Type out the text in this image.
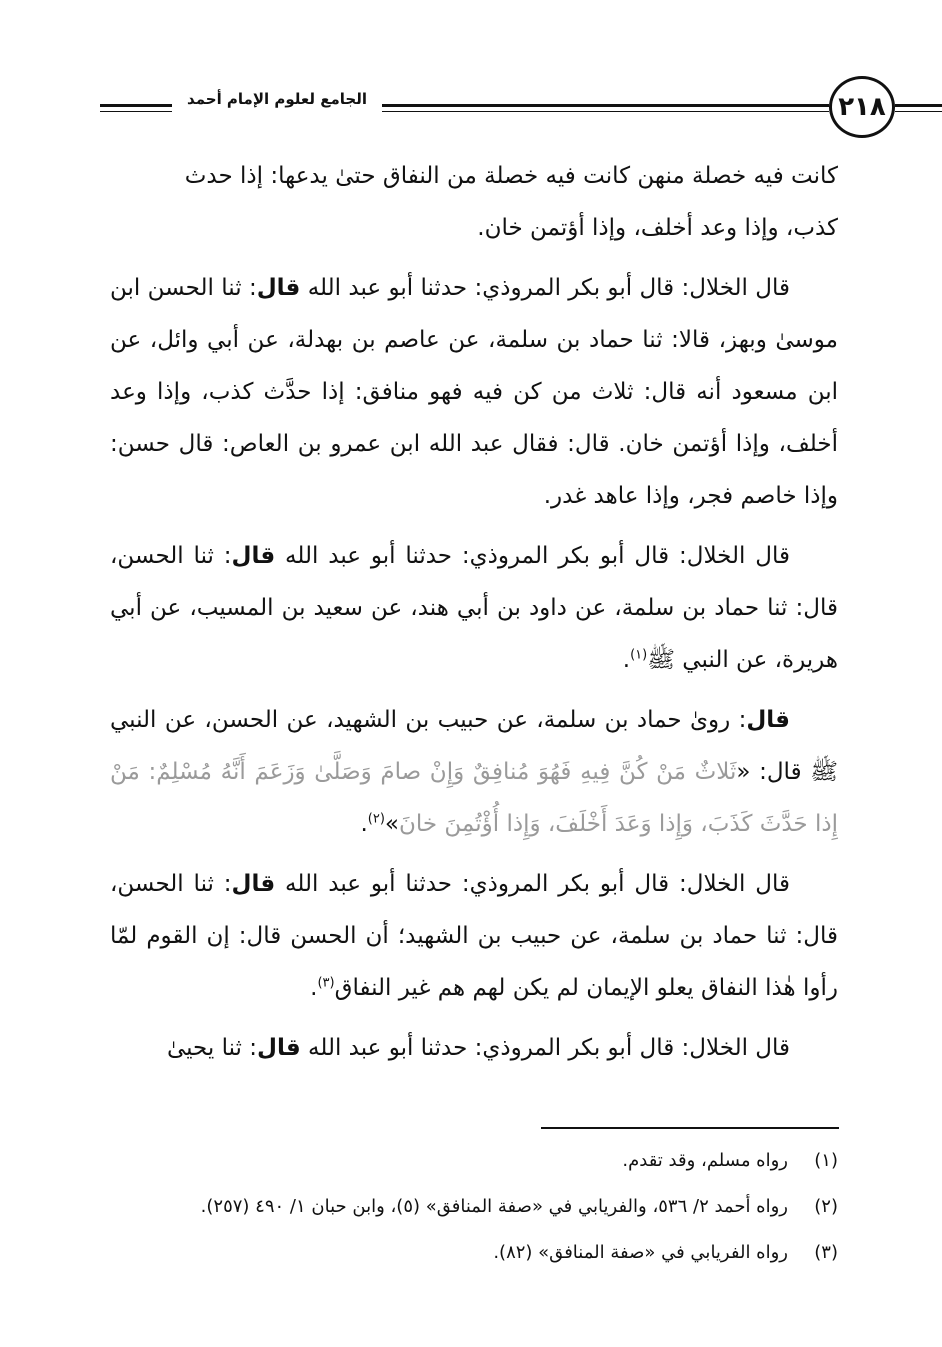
٢١٨
الجامع لعلوم الإمام أحمد

كانت فيه خصلة منهن كانت فيه خصلة من النفاق حتىٰ يدعها: إذا حدث
كذب، وإذا وعد أخلف، وإذا أؤتمن خان.

قال الخلال: قال أبو بكر المروذي: حدثنا أبو عبد الله قال: ثنا الحسن ابن موسىٰ وبهز، قالا: ثنا حماد بن سلمة، عن عاصم بن بهدلة، عن أبي وائل، عن ابن مسعود أنه قال: ثلاث من كن فيه فهو منافق: إذا حدَّث كذب، وإذا وعد أخلف، وإذا أؤتمن خان. قال: فقال عبد الله ابن عمرو بن العاص: قال حسن: وإذا خاصم فجر، وإذا عاهد غدر.

قال الخلال: قال أبو بكر المروذي: حدثنا أبو عبد الله قال: ثنا الحسن، قال: ثنا حماد بن سلمة، عن داود بن أبي هند، عن سعيد بن المسيب، عن أبي هريرة، عن النبي ﷺ$^{(١)}$.

قال: روىٰ حماد بن سلمة، عن حبيب بن الشهيد، عن الحسن، عن النبي ﷺ قال: «ثَلاثٌ مَنْ كُنَّ فِيهِ فَهُوَ مُنافِقٌ وَإِنْ صامَ وَصَلَّىٰ وَزَعَمَ أَنَّهُ مُسْلِمٌ: مَنْ إِذا حَدَّثَ كَذَبَ، وَإِذا وَعَدَ أَخْلَفَ، وَإِذا أُؤْتُمِنَ خانَ»$^{(٢)}$.

قال الخلال: قال أبو بكر المروذي: حدثنا أبو عبد الله قال: ثنا الحسن، قال: ثنا حماد بن سلمة، عن حبيب بن الشهيد؛ أن الحسن قال: إن القوم لمّا رأوا هٰذا النفاق يعلو الإيمان لم يكن لهم هم غير النفاق$^{(٣)}$.

قال الخلال: قال أبو بكر المروذي: حدثنا أبو عبد الله قال: ثنا يحيىٰ

(١)
رواه مسلم، وقد تقدم.
(٢)
رواه أحمد ٢/ ٥٣٦، والفريابي في «صفة المنافق» (٥)، وابن حبان ١/ ٤٩٠ (٢٥٧).
(٣)
رواه الفريابي في «صفة المنافق» (٨٢).
